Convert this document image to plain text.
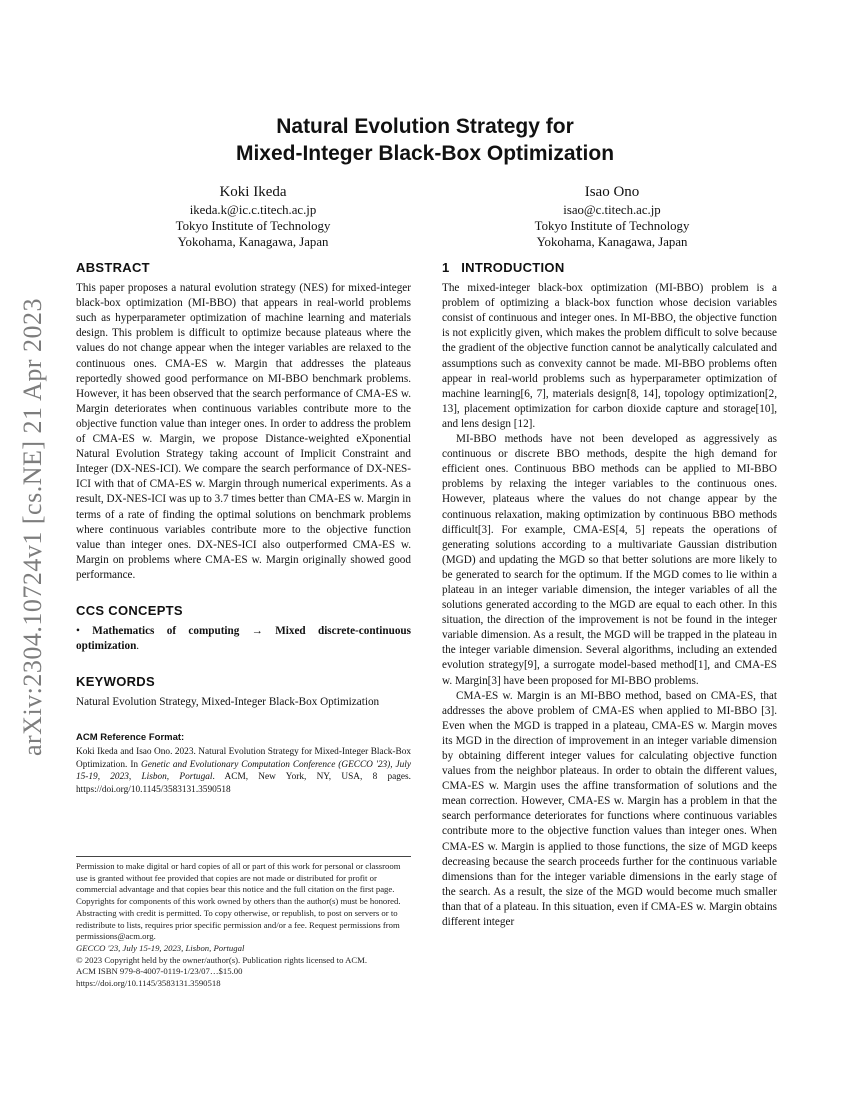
arXiv:2304.10724v1 [cs.NE] 21 Apr 2023
Natural Evolution Strategy for
Mixed-Integer Black-Box Optimization
Koki Ikeda
ikeda.k@ic.c.titech.ac.jp
Tokyo Institute of Technology
Yokohama, Kanagawa, Japan
Isao Ono
isao@c.titech.ac.jp
Tokyo Institute of Technology
Yokohama, Kanagawa, Japan
ABSTRACT

This paper proposes a natural evolution strategy (NES) for mixed-integer black-box optimization (MI-BBO) that appears in real-world problems such as hyperparameter optimization of machine learning and materials design. This problem is difficult to optimize because plateaus where the values do not change appear when the integer variables are relaxed to the continuous ones. CMA-ES w. Margin that addresses the plateaus reportedly showed good performance on MI-BBO benchmark problems. However, it has been observed that the search performance of CMA-ES w. Margin deteriorates when continuous variables contribute more to the objective function value than integer ones. In order to address the problem of CMA-ES w. Margin, we propose Distance-weighted eXponential Natural Evolution Strategy taking account of Implicit Constraint and Integer (DX-NES-ICI). We compare the search performance of DX-NES-ICI with that of CMA-ES w. Margin through numerical experiments. As a result, DX-NES-ICI was up to 3.7 times better than CMA-ES w. Margin in terms of a rate of finding the optimal solutions on benchmark problems where continuous variables contribute more to the objective function value than integer ones. DX-NES-ICI also outperformed CMA-ES w. Margin on problems where CMA-ES w. Margin originally showed good performance.

CCS CONCEPTS

• Mathematics of computing → Mixed discrete-continuous optimization.

KEYWORDS

Natural Evolution Strategy, Mixed-Integer Black-Box Optimization

ACM Reference Format:

Koki Ikeda and Isao Ono. 2023. Natural Evolution Strategy for Mixed-Integer Black-Box Optimization. In Genetic and Evolutionary Computation Conference (GECCO '23), July 15-19, 2023, Lisbon, Portugal. ACM, New York, NY, USA, 8 pages. https://doi.org/10.1145/3583131.3590518

Permission to make digital or hard copies of all or part of this work for personal or classroom use is granted without fee provided that copies are not made or distributed for profit or commercial advantage and that copies bear this notice and the full citation on the first page. Copyrights for components of this work owned by others than the author(s) must be honored. Abstracting with credit is permitted. To copy otherwise, or republish, to post on servers or to redistribute to lists, requires prior specific permission and/or a fee. Request permissions from permissions@acm.org.

GECCO '23, July 15-19, 2023, Lisbon, Portugal

© 2023 Copyright held by the owner/author(s). Publication rights licensed to ACM.

ACM ISBN 979-8-4007-0119-1/23/07…$15.00

https://doi.org/10.1145/3583131.3590518

1   INTRODUCTION

The mixed-integer black-box optimization (MI-BBO) problem is a problem of optimizing a black-box function whose decision variables consist of continuous and integer ones. In MI-BBO, the objective function is not explicitly given, which makes the problem difficult to solve because the gradient of the objective function cannot be analytically calculated and assumptions such as convexity cannot be made. MI-BBO problems often appear in real-world problems such as hyperparameter optimization of machine learning[6, 7], materials design[8, 14], topology optimization[2, 13], placement optimization for carbon dioxide capture and storage[10], and lens design [12].

MI-BBO methods have not been developed as aggressively as continuous or discrete BBO methods, despite the high demand for efficient ones. Continuous BBO methods can be applied to MI-BBO problems by relaxing the integer variables to the continuous ones. However, plateaus where the values do not change appear by the continuous relaxation, making optimization by continuous BBO methods difficult[3]. For example, CMA-ES[4, 5] repeats the operations of generating solutions according to a multivariate Gaussian distribution (MGD) and updating the MGD so that better solutions are more likely to be generated to search for the optimum. If the MGD comes to lie within a plateau in an integer variable dimension, the integer variables of all the solutions generated according to the MGD are equal to each other. In this situation, the direction of the improvement is not be found in the integer variable dimension. As a result, the MGD will be trapped in the plateau in the integer variable dimension. Several algorithms, including an extended evolution strategy[9], a surrogate model-based method[1], and CMA-ES w. Margin[3] have been proposed for MI-BBO problems.

CMA-ES w. Margin is an MI-BBO method, based on CMA-ES, that addresses the above problem of CMA-ES when applied to MI-BBO [3]. Even when the MGD is trapped in a plateau, CMA-ES w. Margin moves its MGD in the direction of improvement in an integer variable dimension by obtaining different integer values for calculating objective function values from the neighbor plateaus. In order to obtain the different values, CMA-ES w. Margin uses the affine transformation of solutions and the mean correction. However, CMA-ES w. Margin has a problem in that the search performance deteriorates for functions where continuous variables contribute more to the objective function values than integer ones. When CMA-ES w. Margin is applied to those functions, the size of MGD keeps decreasing because the search proceeds further for the continuous variable dimensions than for the integer variable dimensions in the early stage of the search. As a result, the size of the MGD would become much smaller than that of a plateau. In this situation, even if CMA-ES w. Margin obtains different integer
